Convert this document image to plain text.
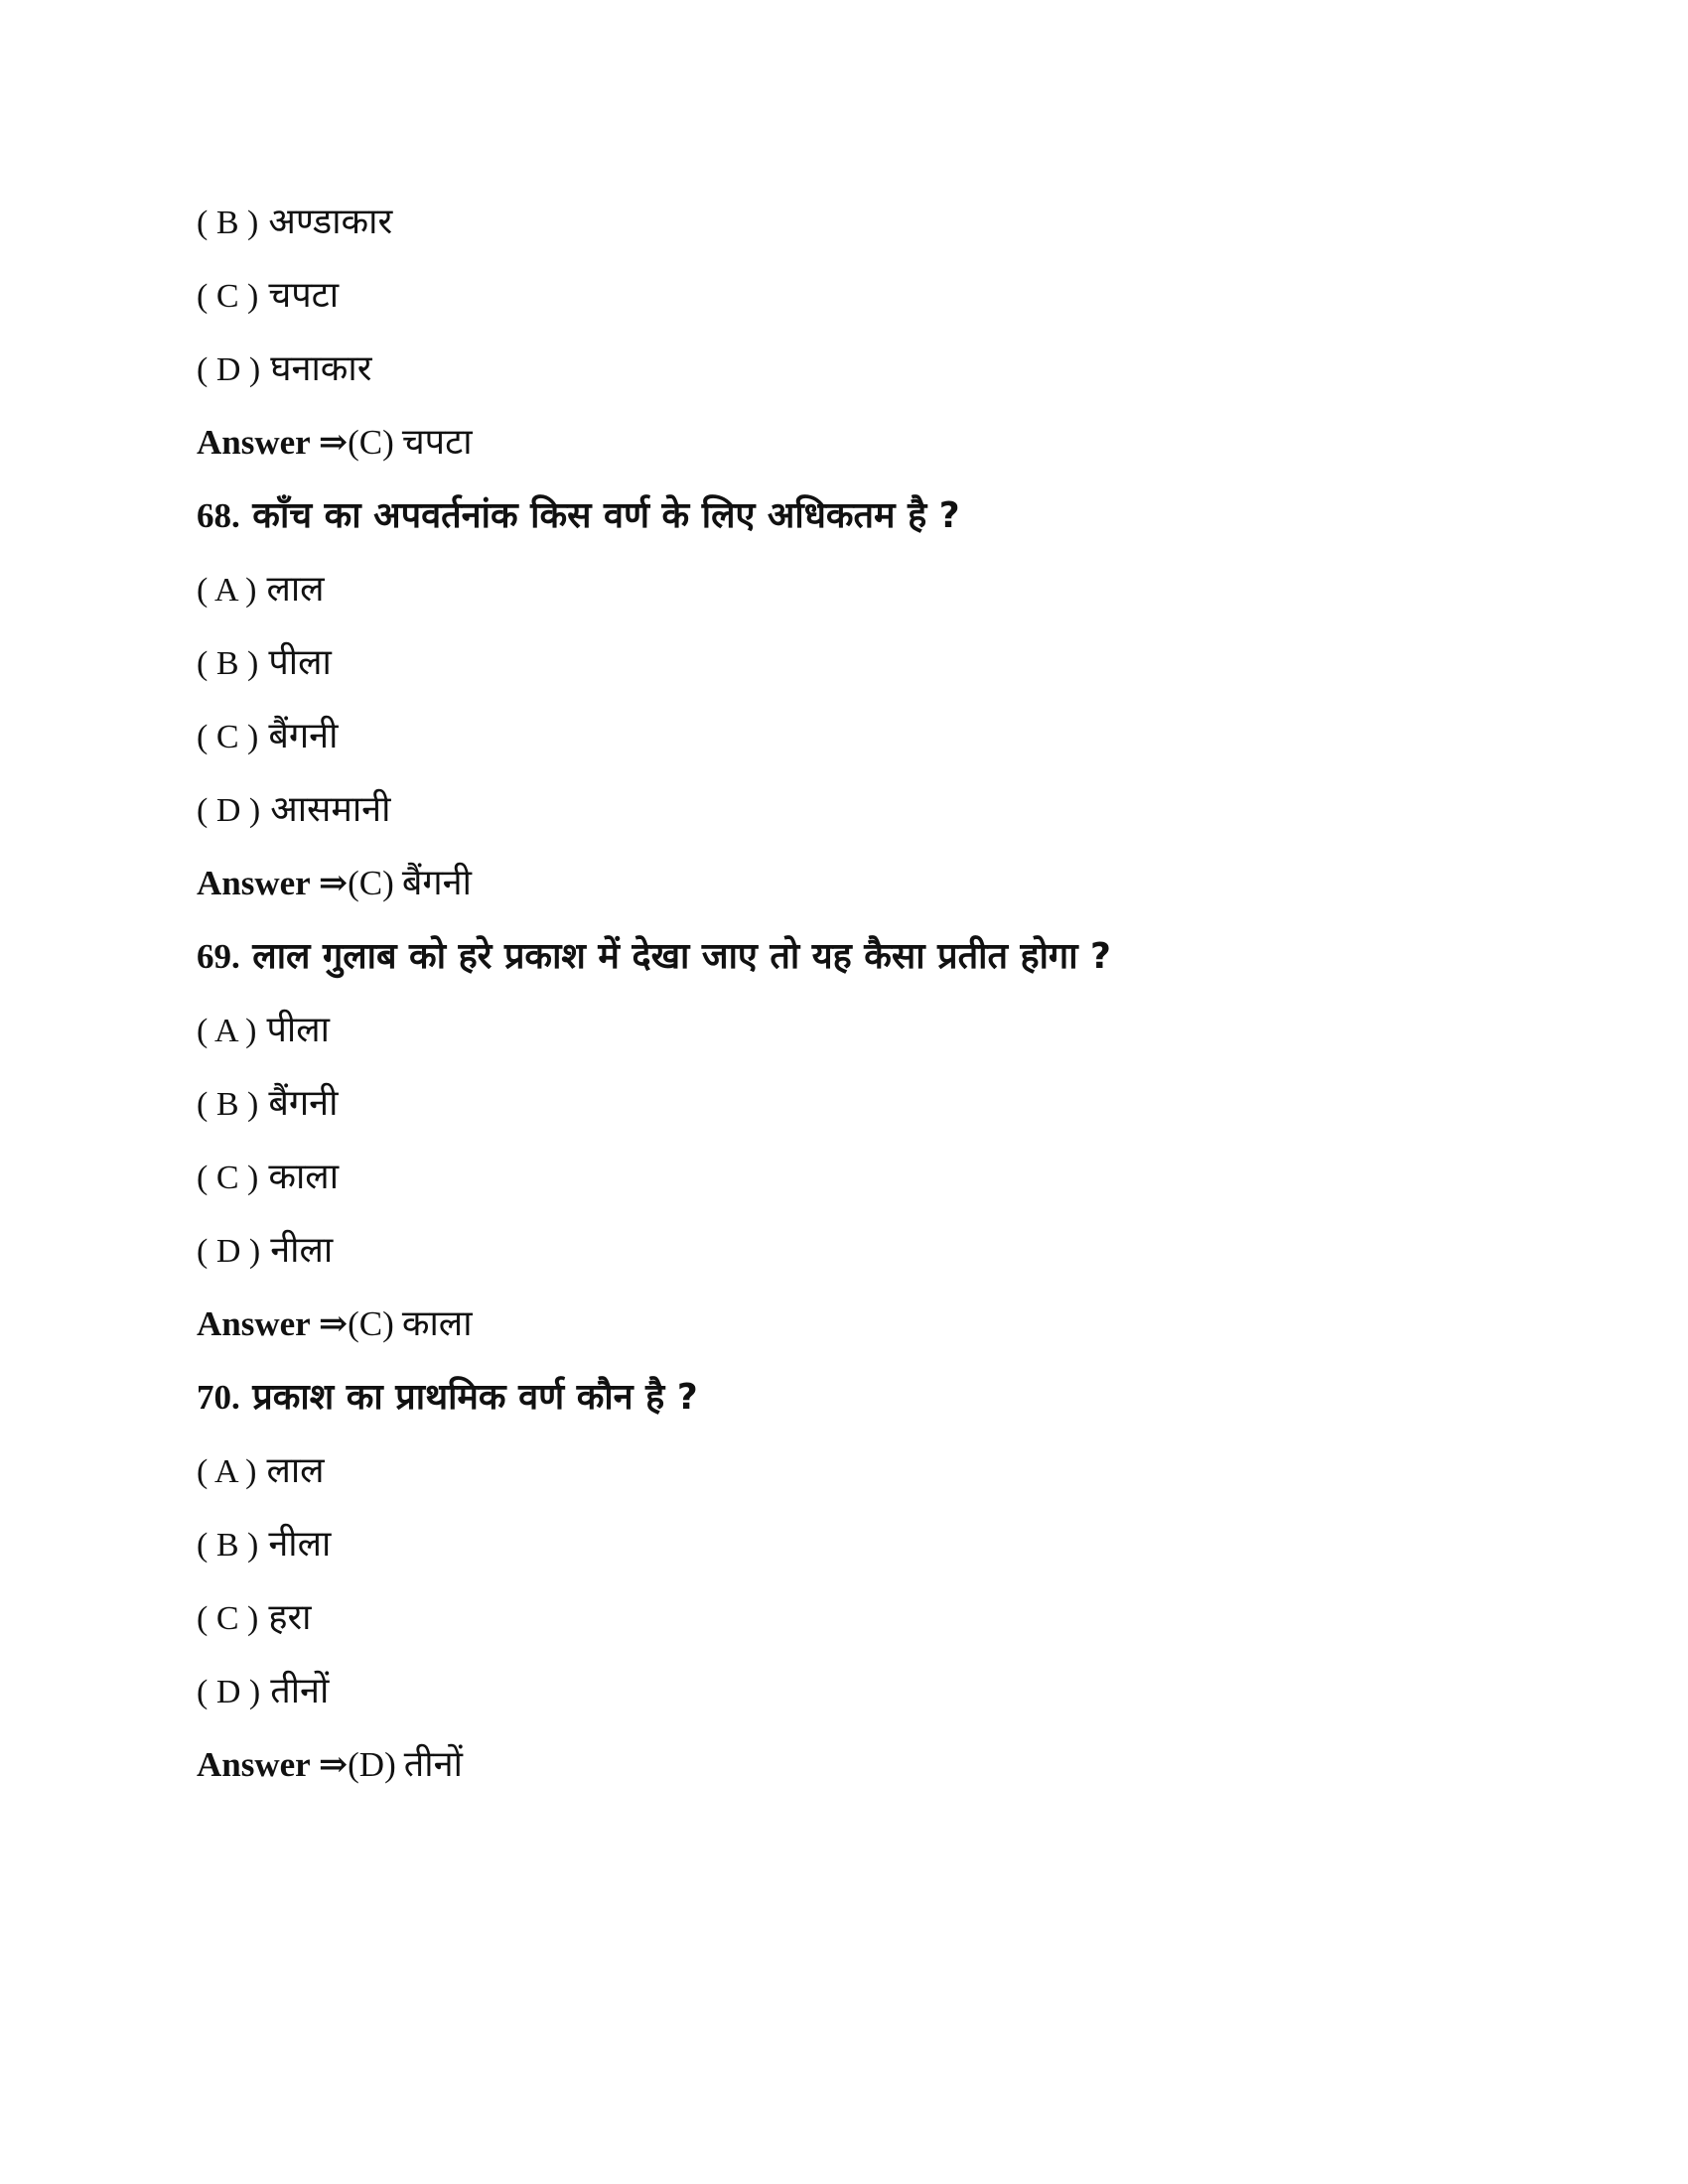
( B ) अण्डाकार
( C ) चपटा
( D ) घनाकार
Answer ⇒(C) चपटा
68. काँच का अपवर्तनांक किस वर्ण के लिए अधिकतम है ?
( A ) लाल
( B ) पीला
( C ) बैंगनी
( D ) आसमानी
Answer ⇒(C) बैंगनी
69. लाल गुलाब को हरे प्रकाश में देखा जाए तो यह कैसा प्रतीत होगा ?
( A ) पीला
( B ) बैंगनी
( C ) काला
( D ) नीला
Answer ⇒(C) काला
70. प्रकाश का प्राथमिक वर्ण कौन है ?
( A ) लाल
( B ) नीला
( C ) हरा
( D ) तीनों
Answer ⇒(D) तीनों
